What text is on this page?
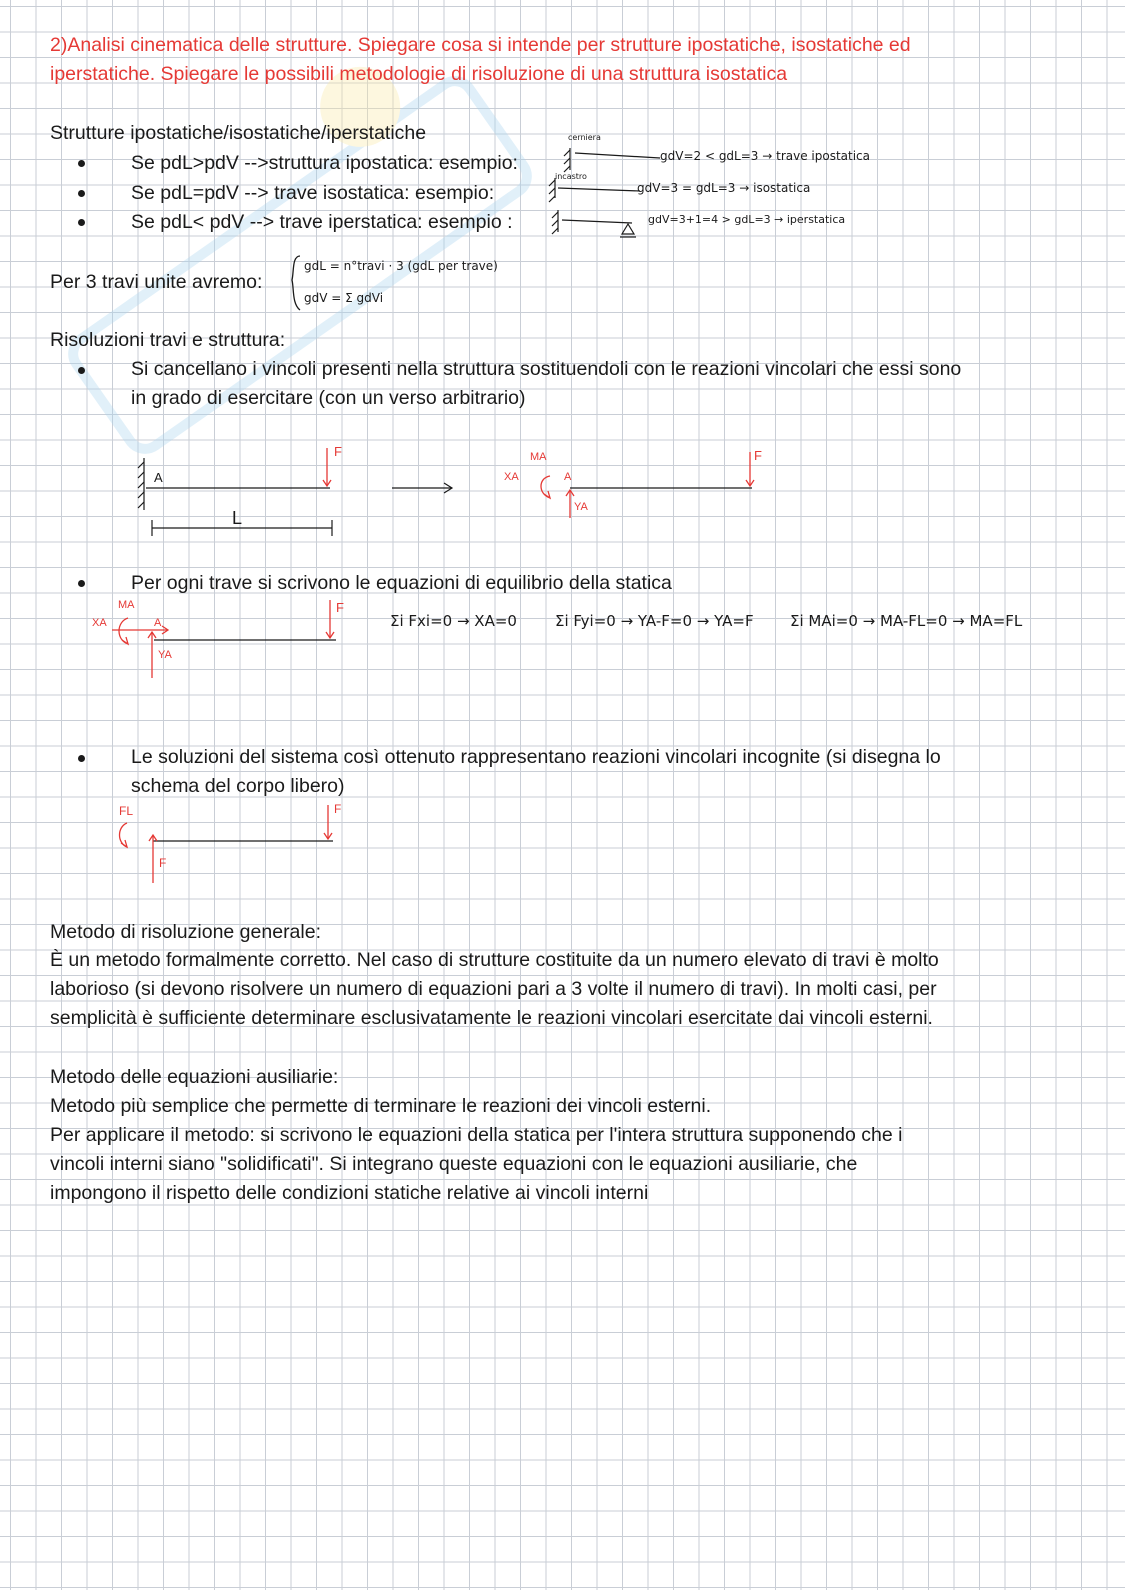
2)Analisi cinematica delle strutture. Spiegare cosa si intende per strutture ipostatiche, isostatiche ed
iperstatiche. Spiegare le possibili metodologie di risoluzione di una struttura isostatica
Strutture ipostatiche/isostatiche/iperstatiche
Se pdL>pdV -->struttura ipostatica: esempio:
Se pdL=pdV --> trave isostatica: esempio:
Se pdL< pdV --> trave iperstatica: esempio :
cerniera
incastro
gdV=2 < gdL=3 → trave ipostatica
gdV=3 = gdL=3 → isostatica
gdV=3+1=4 > gdL=3 → iperstatica
Per 3 travi unite avremo:
gdL = n°travi · 3 (gdL per trave)
gdV = Σ gdVi
Risoluzioni travi e struttura:
Si cancellano i vincoli presenti nella struttura sostituendoli con le reazioni vincolari che essi sono
in grado di esercitare (con un verso arbitrario)
A
F
L
MA
XA	A
YA
F
Per ogni trave si scrivono le equazioni di equilibrio della statica
MA
XA	A
YA
F
Σi Fxi=0 → XA=0	Σi Fyi=0 → YA-F=0 → YA=F Σi MAi=0 → MA-FL=0 → MA=FL
Le soluzioni del sistema così ottenuto rappresentano reazioni vincolari incognite (si disegna lo
schema del corpo libero)
FL
F
F
Metodo di risoluzione generale:
È un metodo formalmente corretto. Nel caso di strutture costituite da un numero elevato di travi è molto
laborioso (si devono risolvere un numero di equazioni pari a 3 volte il numero di travi). In molti casi, per
semplicità è sufficiente determinare esclusivatamente le reazioni vincolari esercitate dai vincoli esterni.
Metodo delle equazioni ausiliarie:
Metodo più semplice che permette di terminare le reazioni dei vincoli esterni.
Per applicare il metodo: si scrivono le equazioni della statica per l'intera struttura supponendo che i
vincoli interni siano "solidificati". Si integrano queste equazioni con le equazioni ausiliarie, che
impongono il rispetto delle condizioni statiche relative ai vincoli interni
